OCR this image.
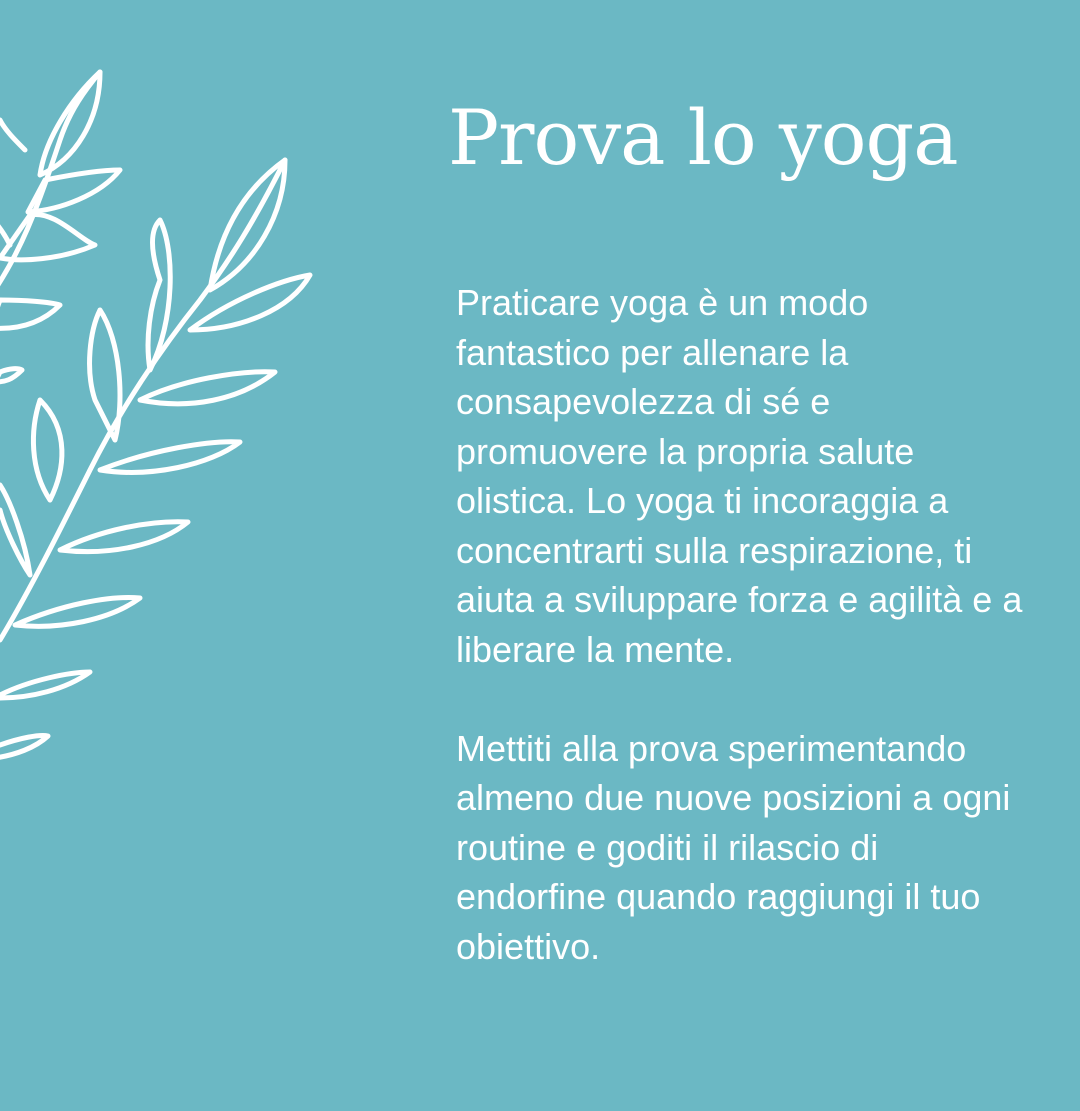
Prova lo yoga

Praticare yoga è un modo fantastico per allenare la consapevolezza di sé e promuovere la propria salute olistica. Lo yoga ti incoraggia a concentrarti sulla respirazione, ti aiuta a sviluppare forza e agilità e a liberare la mente.

Mettiti alla prova sperimentando almeno due nuove posizioni a ogni routine e goditi il rilascio di endorfine quando raggiungi il tuo obiettivo.
